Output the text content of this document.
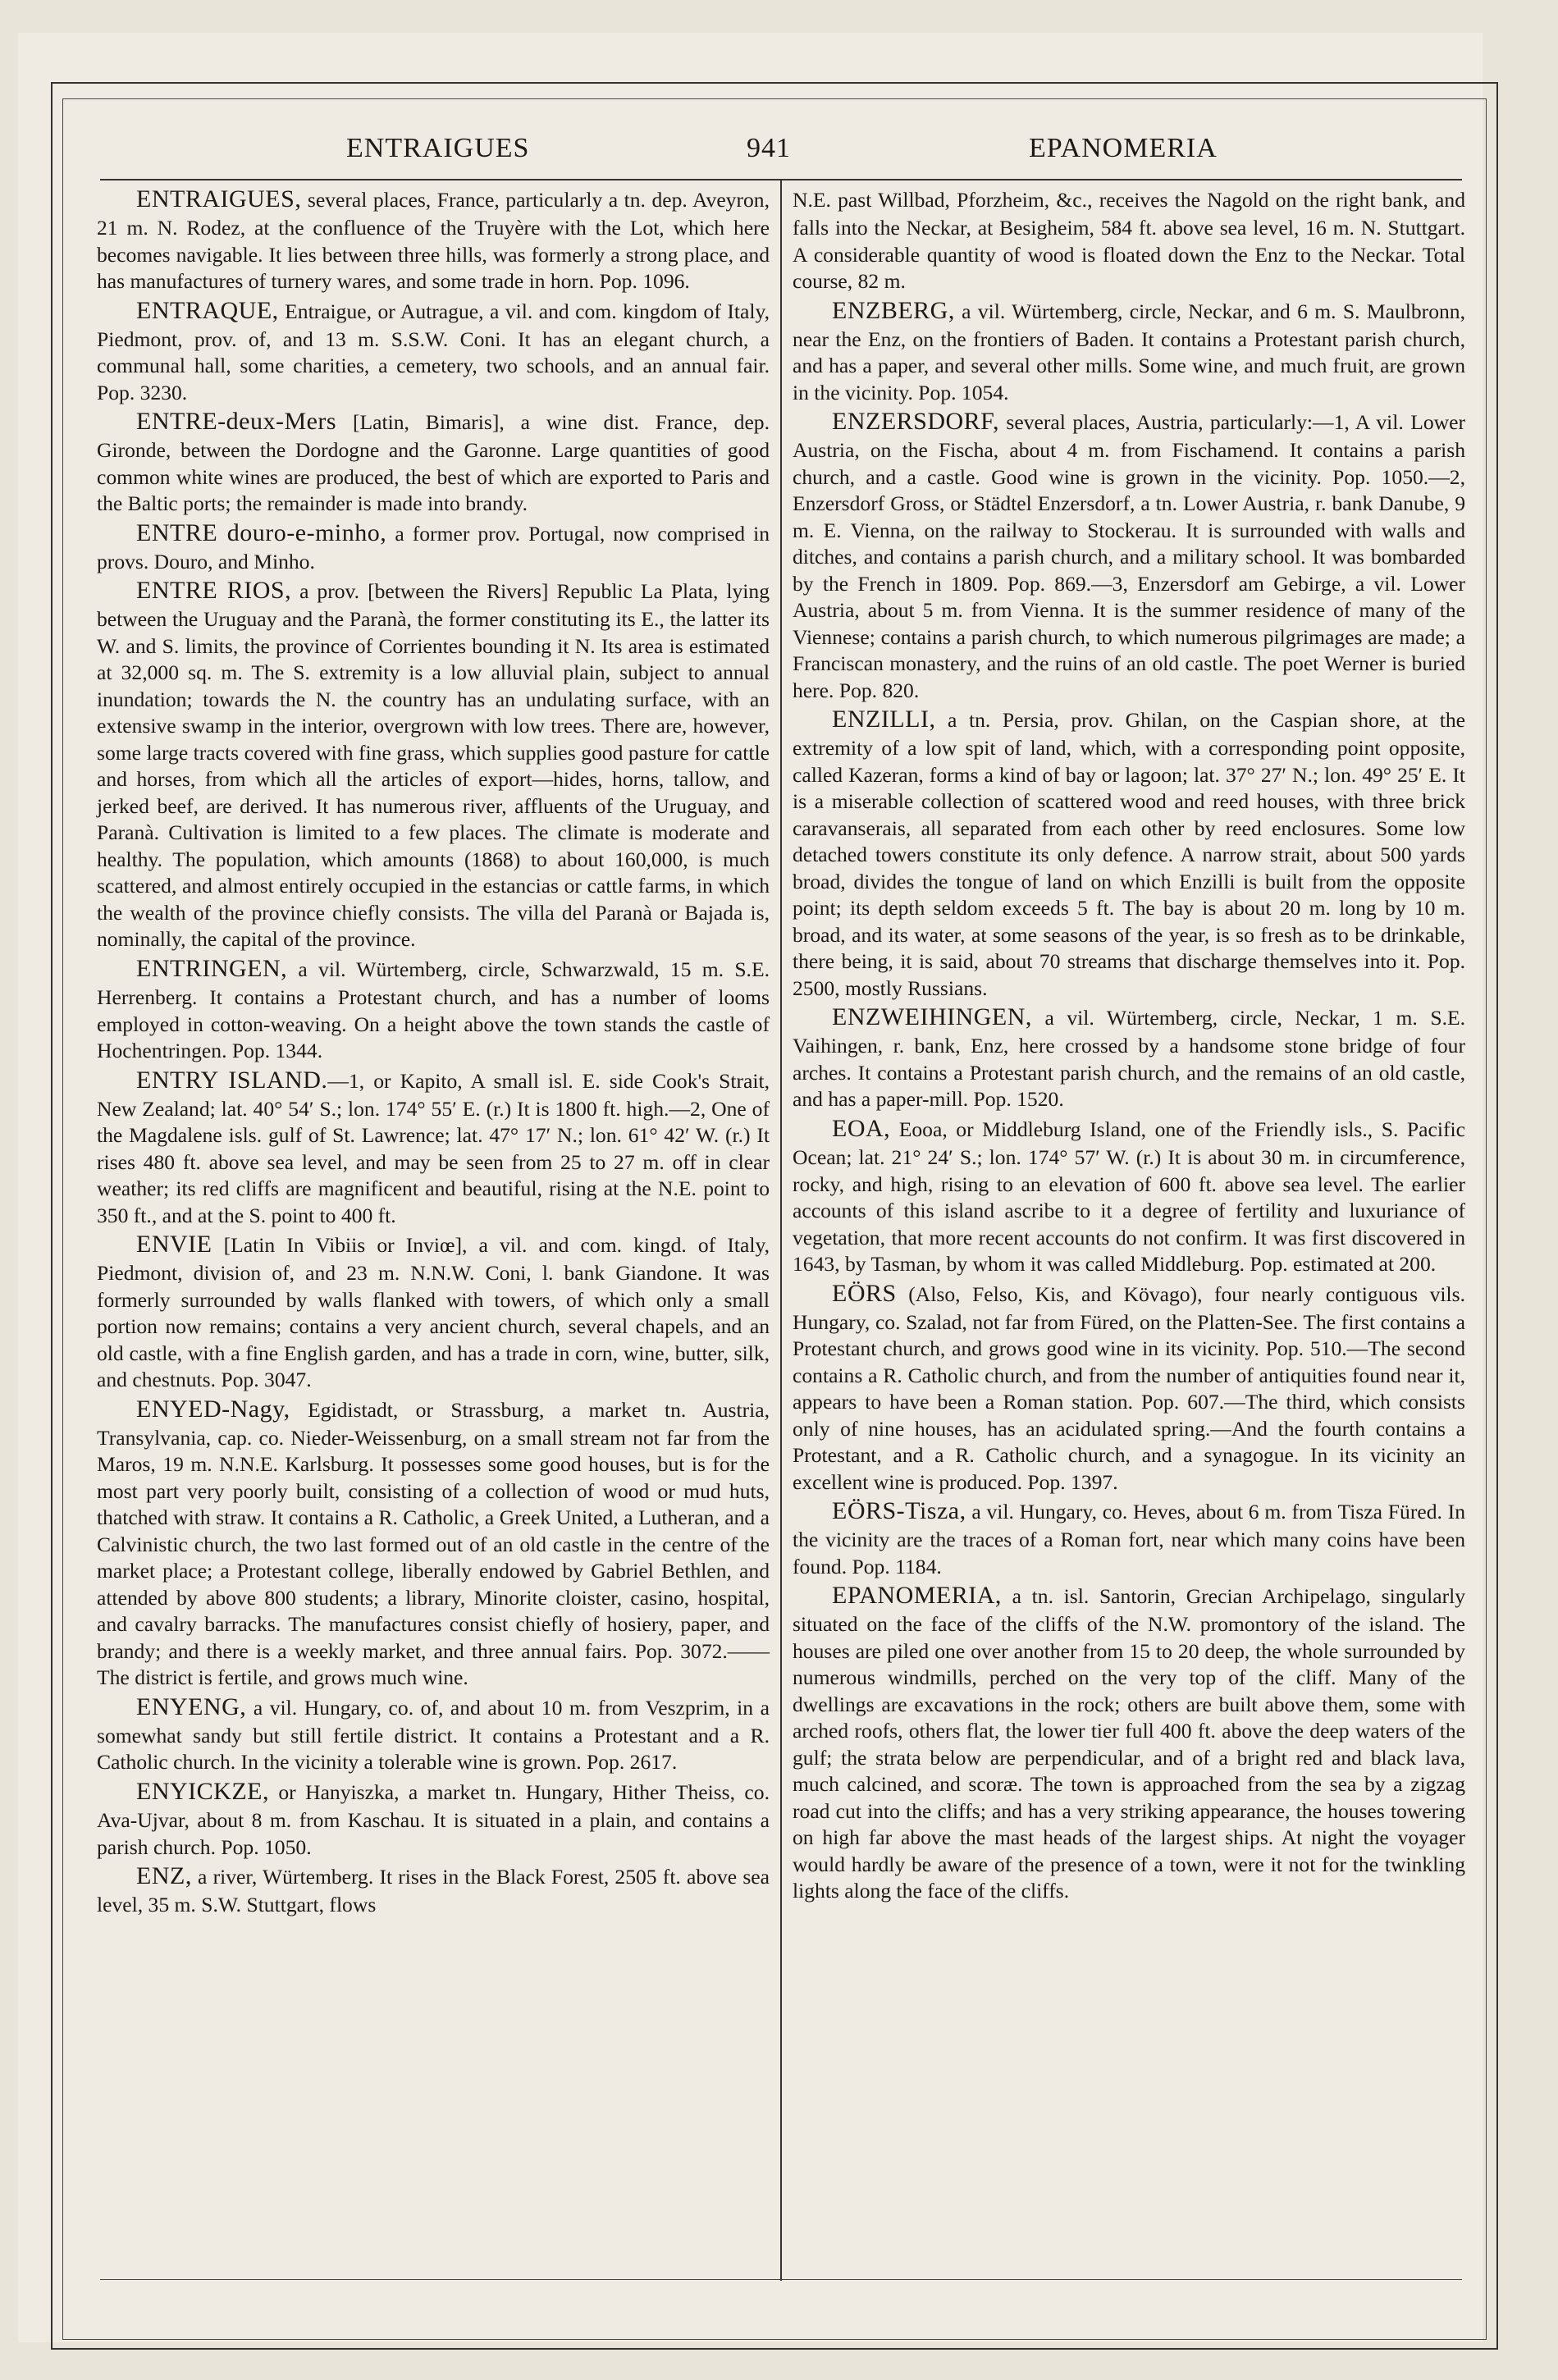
ENTRAIGUES	941	EPANOMERIA

ENTRAIGUES, several places, France, particularly a tn. dep. Aveyron, 21 m. N. Rodez, at the confluence of the Truyère with the Lot, which here becomes navigable. It lies between three hills, was formerly a strong place, and has manufactures of turnery wares, and some trade in horn. Pop. 1096.

ENTRAQUE, Entraigue, or Autrague, a vil. and com. kingdom of Italy, Piedmont, prov. of, and 13 m. S.S.W. Coni. It has an elegant church, a communal hall, some charities, a cemetery, two schools, and an annual fair. Pop. 3230.

ENTRE-deux-Mers [Latin, Bimaris], a wine dist. France, dep. Gironde, between the Dordogne and the Garonne. Large quantities of good common white wines are produced, the best of which are exported to Paris and the Baltic ports; the remainder is made into brandy.

ENTRE douro-e-minho, a former prov. Portugal, now comprised in provs. Douro, and Minho.

ENTRE RIOS, a prov. [between the Rivers] Republic La Plata, lying between the Uruguay and the Paranà, the former constituting its E., the latter its W. and S. limits, the province of Corrientes bounding it N. Its area is estimated at 32,000 sq. m. The S. extremity is a low alluvial plain, subject to annual inundation; towards the N. the country has an undulating surface, with an extensive swamp in the interior, overgrown with low trees. There are, however, some large tracts covered with fine grass, which supplies good pasture for cattle and horses, from which all the articles of export—hides, horns, tallow, and jerked beef, are derived. It has numerous river, affluents of the Uruguay, and Paranà. Cultivation is limited to a few places. The climate is moderate and healthy. The population, which amounts (1868) to about 160,000, is much scattered, and almost entirely occupied in the estancias or cattle farms, in which the wealth of the province chiefly consists. The villa del Paranà or Bajada is, nominally, the capital of the province.

ENTRINGEN, a vil. Würtemberg, circle, Schwarzwald, 15 m. S.E. Herrenberg. It contains a Protestant church, and has a number of looms employed in cotton-weaving. On a height above the town stands the castle of Hochentringen. Pop. 1344.

ENTRY ISLAND.—1, or Kapito, A small isl. E. side Cook's Strait, New Zealand; lat. 40° 54′ S.; lon. 174° 55′ E. (r.) It is 1800 ft. high.—2, One of the Magdalene isls. gulf of St. Lawrence; lat. 47° 17′ N.; lon. 61° 42′ W. (r.) It rises 480 ft. above sea level, and may be seen from 25 to 27 m. off in clear weather; its red cliffs are magnificent and beautiful, rising at the N.E. point to 350 ft., and at the S. point to 400 ft.

ENVIE [Latin In Vibiis or Inviœ], a vil. and com. kingd. of Italy, Piedmont, division of, and 23 m. N.N.W. Coni, l. bank Giandone. It was formerly surrounded by walls flanked with towers, of which only a small portion now remains; contains a very ancient church, several chapels, and an old castle, with a fine English garden, and has a trade in corn, wine, butter, silk, and chestnuts. Pop. 3047.

ENYED-Nagy, Egidistadt, or Strassburg, a market tn. Austria, Transylvania, cap. co. Nieder-Weissenburg, on a small stream not far from the Maros, 19 m. N.N.E. Karlsburg. It possesses some good houses, but is for the most part very poorly built, consisting of a collection of wood or mud huts, thatched with straw. It contains a R. Catholic, a Greek United, a Lutheran, and a Calvinistic church, the two last formed out of an old castle in the centre of the market place; a Protestant college, liberally endowed by Gabriel Bethlen, and attended by above 800 students; a library, Minorite cloister, casino, hospital, and cavalry barracks. The manufactures consist chiefly of hosiery, paper, and brandy; and there is a weekly market, and three annual fairs. Pop. 3072.——The district is fertile, and grows much wine.

ENYENG, a vil. Hungary, co. of, and about 10 m. from Veszprim, in a somewhat sandy but still fertile district. It contains a Protestant and a R. Catholic church. In the vicinity a tolerable wine is grown. Pop. 2617.

ENYICKZE, or Hanyiszka, a market tn. Hungary, Hither Theiss, co. Ava-Ujvar, about 8 m. from Kaschau. It is situated in a plain, and contains a parish church. Pop. 1050.

ENZ, a river, Würtemberg. It rises in the Black Forest, 2505 ft. above sea level, 35 m. S.W. Stuttgart, flows

N.E. past Willbad, Pforzheim, &c., receives the Nagold on the right bank, and falls into the Neckar, at Besigheim, 584 ft. above sea level, 16 m. N. Stuttgart. A considerable quantity of wood is floated down the Enz to the Neckar. Total course, 82 m.

ENZBERG, a vil. Würtemberg, circle, Neckar, and 6 m. S. Maulbronn, near the Enz, on the frontiers of Baden. It contains a Protestant parish church, and has a paper, and several other mills. Some wine, and much fruit, are grown in the vicinity. Pop. 1054.

ENZERSDORF, several places, Austria, particularly:—1, A vil. Lower Austria, on the Fischa, about 4 m. from Fischamend. It contains a parish church, and a castle. Good wine is grown in the vicinity. Pop. 1050.—2, Enzersdorf Gross, or Städtel Enzersdorf, a tn. Lower Austria, r. bank Danube, 9 m. E. Vienna, on the railway to Stockerau. It is surrounded with walls and ditches, and contains a parish church, and a military school. It was bombarded by the French in 1809. Pop. 869.—3, Enzersdorf am Gebirge, a vil. Lower Austria, about 5 m. from Vienna. It is the summer residence of many of the Viennese; contains a parish church, to which numerous pilgrimages are made; a Franciscan monastery, and the ruins of an old castle. The poet Werner is buried here. Pop. 820.

ENZILLI, a tn. Persia, prov. Ghilan, on the Caspian shore, at the extremity of a low spit of land, which, with a corresponding point opposite, called Kazeran, forms a kind of bay or lagoon; lat. 37° 27′ N.; lon. 49° 25′ E. It is a miserable collection of scattered wood and reed houses, with three brick caravanserais, all separated from each other by reed enclosures. Some low detached towers constitute its only defence. A narrow strait, about 500 yards broad, divides the tongue of land on which Enzilli is built from the opposite point; its depth seldom exceeds 5 ft. The bay is about 20 m. long by 10 m. broad, and its water, at some seasons of the year, is so fresh as to be drinkable, there being, it is said, about 70 streams that discharge themselves into it. Pop. 2500, mostly Russians.

ENZWEIHINGEN, a vil. Würtemberg, circle, Neckar, 1 m. S.E. Vaihingen, r. bank, Enz, here crossed by a handsome stone bridge of four arches. It contains a Protestant parish church, and the remains of an old castle, and has a paper-mill. Pop. 1520.

EOA, Eooa, or Middleburg Island, one of the Friendly isls., S. Pacific Ocean; lat. 21° 24′ S.; lon. 174° 57′ W. (r.) It is about 30 m. in circumference, rocky, and high, rising to an elevation of 600 ft. above sea level. The earlier accounts of this island ascribe to it a degree of fertility and luxuriance of vegetation, that more recent accounts do not confirm. It was first discovered in 1643, by Tasman, by whom it was called Middleburg. Pop. estimated at 200.

EÖRS (Also, Felso, Kis, and Kövago), four nearly contiguous vils. Hungary, co. Szalad, not far from Füred, on the Platten-See. The first contains a Protestant church, and grows good wine in its vicinity. Pop. 510.—The second contains a R. Catholic church, and from the number of antiquities found near it, appears to have been a Roman station. Pop. 607.—The third, which consists only of nine houses, has an acidulated spring.—And the fourth contains a Protestant, and a R. Catholic church, and a synagogue. In its vicinity an excellent wine is produced. Pop. 1397.

EÖRS-Tisza, a vil. Hungary, co. Heves, about 6 m. from Tisza Füred. In the vicinity are the traces of a Roman fort, near which many coins have been found. Pop. 1184.

EPANOMERIA, a tn. isl. Santorin, Grecian Archipelago, singularly situated on the face of the cliffs of the N.W. promontory of the island. The houses are piled one over another from 15 to 20 deep, the whole surrounded by numerous windmills, perched on the very top of the cliff. Many of the dwellings are excavations in the rock; others are built above them, some with arched roofs, others flat, the lower tier full 400 ft. above the deep waters of the gulf; the strata below are perpendicular, and of a bright red and black lava, much calcined, and scoræ. The town is approached from the sea by a zigzag road cut into the cliffs; and has a very striking appearance, the houses towering on high far above the mast heads of the largest ships. At night the voyager would hardly be aware of the presence of a town, were it not for the twinkling lights along the face of the cliffs.
